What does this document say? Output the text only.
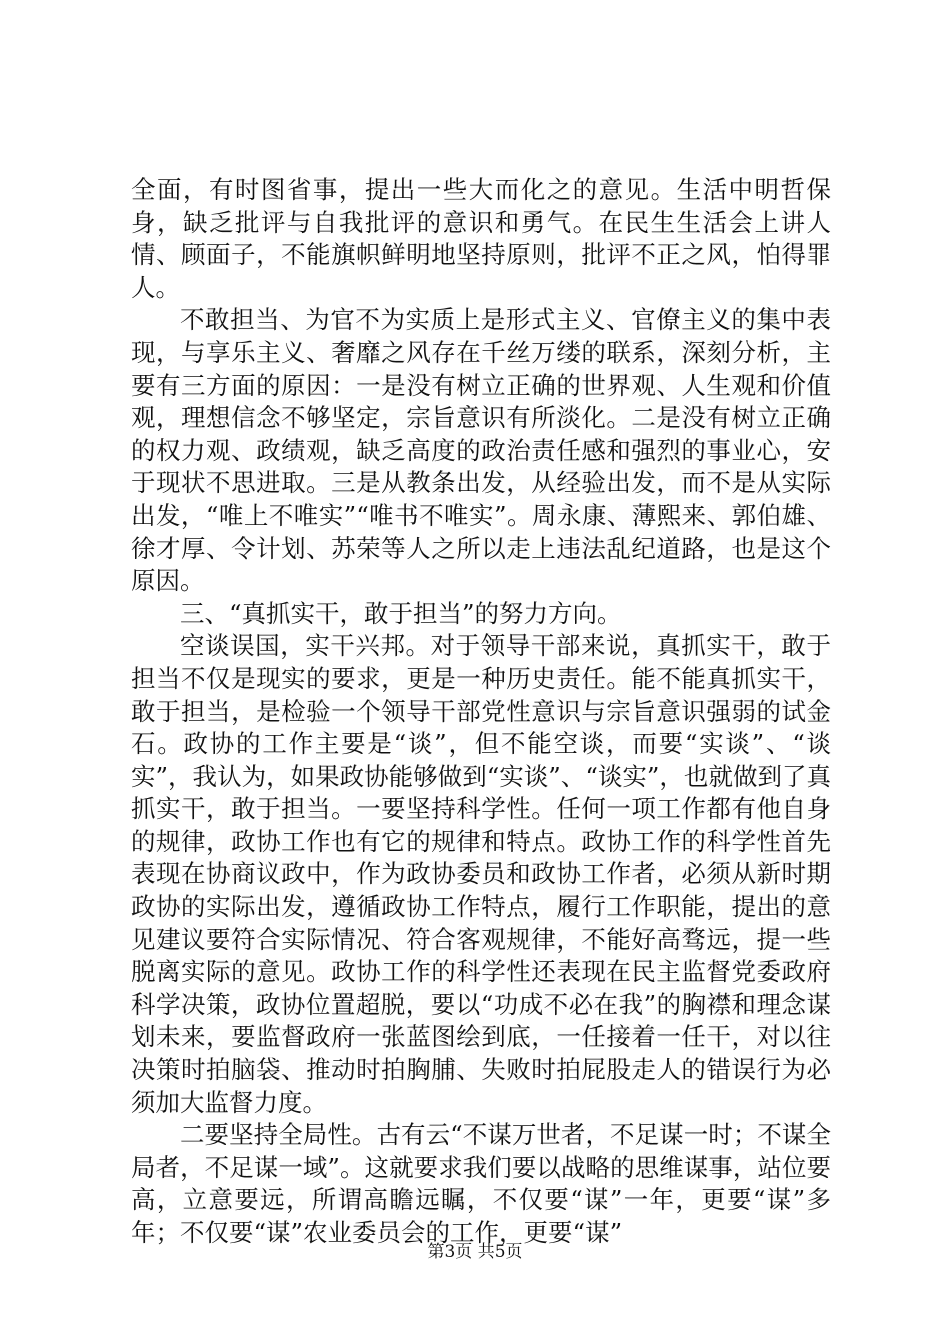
全面，有时图省事，提出一些大而化之的意见。生活中明哲保身，缺乏批评与自我批评的意识和勇气。在民生生活会上讲人情、顾面子，不能旗帜鲜明地坚持原则，批评不正之风，怕得罪人。

不敢担当、为官不为实质上是形式主义、官僚主义的集中表现，与享乐主义、奢靡之风存在千丝万缕的联系，深刻分析，主要有三方面的原因：一是没有树立正确的世界观、人生观和价值观，理想信念不够坚定，宗旨意识有所淡化。二是没有树立正确的权力观、政绩观，缺乏高度的政治责任感和强烈的事业心，安于现状不思进取。三是从教条出发，从经验出发，而不是从实际出发，“唯上不唯实”“唯书不唯实”。周永康、薄熙来、郭伯雄、徐才厚、令计划、苏荣等人之所以走上违法乱纪道路，也是这个原因。

三、“真抓实干，敢于担当”的努力方向。

空谈误国，实干兴邦。对于领导干部来说，真抓实干，敢于担当不仅是现实的要求，更是一种历史责任。能不能真抓实干，敢于担当，是检验一个领导干部党性意识与宗旨意识强弱的试金石。政协的工作主要是“谈”，但不能空谈，而要“实谈”、“谈实”，我认为，如果政协能够做到“实谈”、“谈实”，也就做到了真抓实干，敢于担当。一要坚持科学性。任何一项工作都有他自身的规律，政协工作也有它的规律和特点。政协工作的科学性首先表现在协商议政中，作为政协委员和政协工作者，必须从新时期政协的实际出发，遵循政协工作特点，履行工作职能，提出的意见建议要符合实际情况、符合客观规律，不能好高骛远，提一些脱离实际的意见。政协工作的科学性还表现在民主监督党委政府科学决策，政协位置超脱，要以“功成不必在我”的胸襟和理念谋划未来，要监督政府一张蓝图绘到底，一任接着一任干，对以往决策时拍脑袋、推动时拍胸脯、失败时拍屁股走人的错误行为必须加大监督力度。

二要坚持全局性。古有云“不谋万世者，不足谋一时；不谋全局者，不足谋一域”。这就要求我们要以战略的思维谋事，站位要高，立意要远，所谓高瞻远瞩，不仅要“谋”一年，更要“谋”多年；不仅要“谋”农业委员会的工作，更要“谋”

第3页 共5页
